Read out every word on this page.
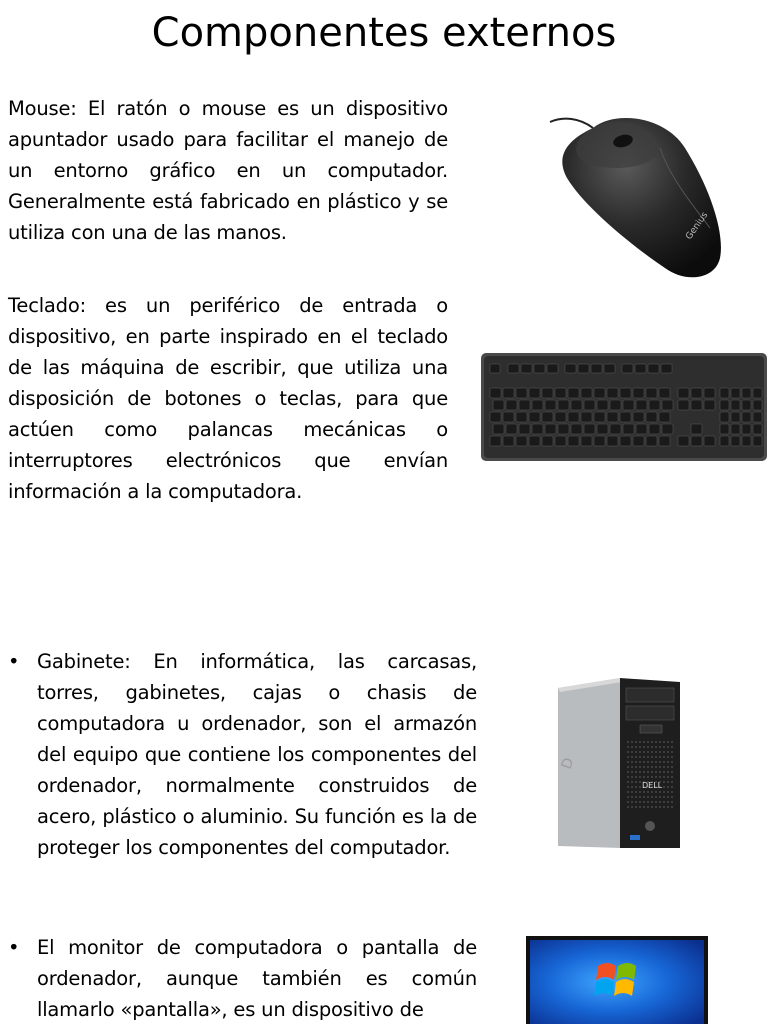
Componentes externos

Mouse: El ratón o mouse es un dispositivo apuntador usado para facilitar el manejo de un entorno gráfico en un computador. Generalmente está fabricado en plástico y se utiliza con una de las manos.

Teclado: es un periférico de entrada o dispositivo, en parte inspirado en el teclado de las máquina de escribir, que utiliza una disposición de botones o teclas, para que actúen como palancas mecánicas o interruptores electrónicos que envían información a la computadora.

• Gabinete: En informática, las carcasas, torres, gabinetes, cajas o chasis de computadora u ordenador, son el armazón del equipo que contiene los componentes del ordenador, normalmente construidos de acero, plástico o aluminio. Su función es la de proteger los componentes del computador.

• El monitor de computadora o pantalla de ordenador, aunque también es común llamarlo «pantalla», es un dispositivo de

Genius
DELL
D
